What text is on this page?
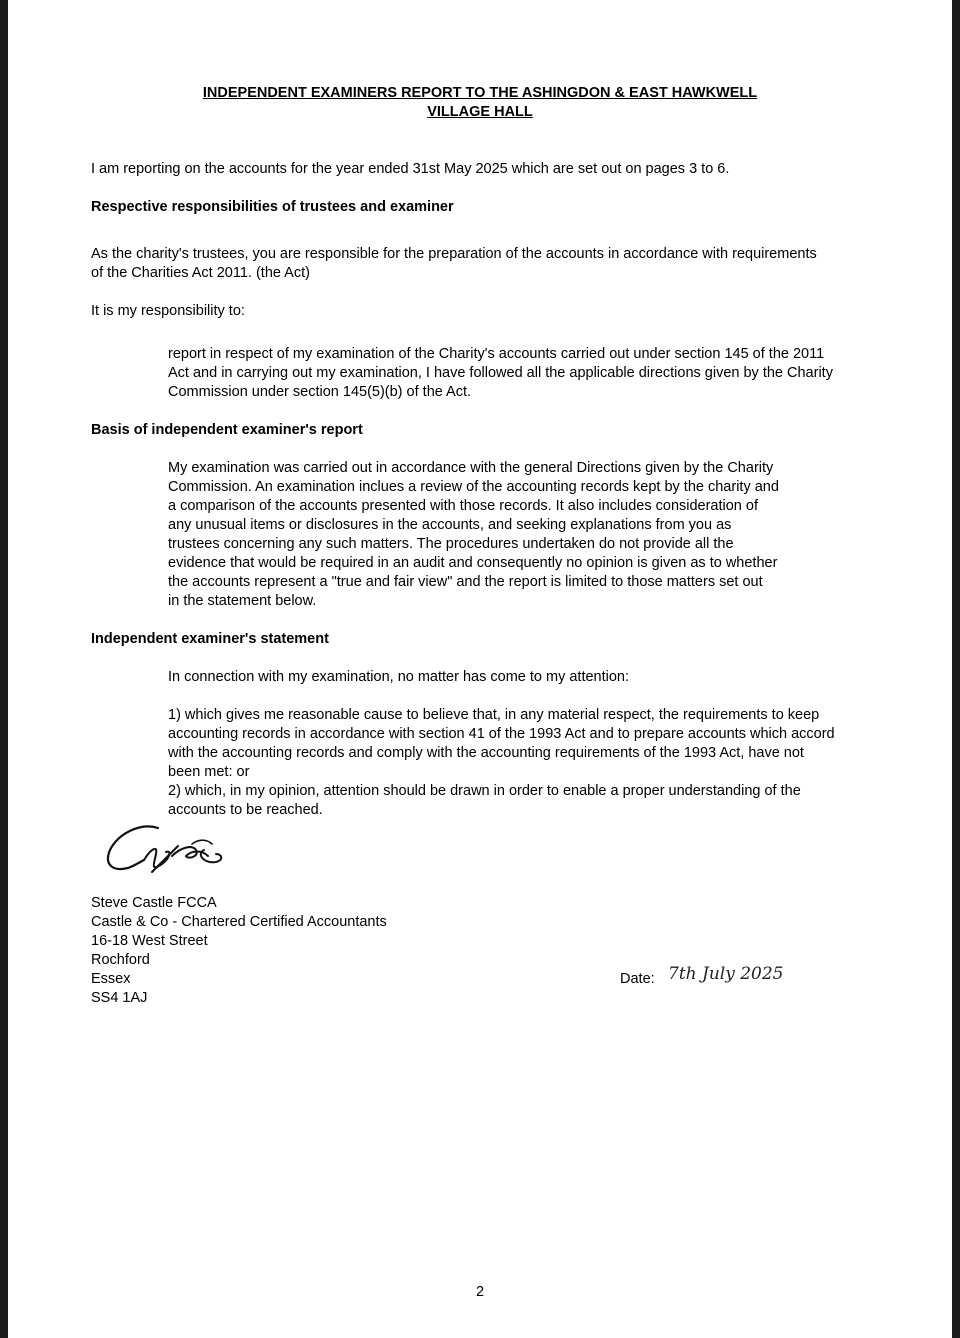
INDEPENDENT EXAMINERS REPORT TO THE ASHINGDON & EAST HAWKWELL
VILLAGE HALL

I am reporting on the accounts for the year ended 31st May 2025 which are set out on pages 3 to 6.

Respective responsibilities of trustees and examiner

As the charity's trustees, you are responsible for the preparation of the accounts in accordance with requirements

of the Charities Act 2011. (the Act)

It is my responsibility to:

report in respect of my examination of the Charity's accounts carried out under section 145 of the 2011

Act and in carrying out my examination, I have followed all the applicable directions given by the Charity

Commission under section 145(5)(b) of the Act.

Basis of independent examiner's report

My examination was carried out in accordance with the general Directions given by the Charity

Commission. An examination inclues a review of the accounting records kept by the charity and

a comparison of the accounts presented with those records. It also includes consideration of

any unusual items or disclosures in the accounts, and seeking explanations from you as

trustees concerning any such matters. The procedures undertaken do not provide all the

evidence that would be required in an audit and consequently no opinion is given as to whether

the accounts represent a "true and fair view" and the report is limited to those matters set out

in the statement below.

Independent examiner's statement

In connection with my examination, no matter has come to my attention:

1) which gives me reasonable cause to believe that, in any material respect, the requirements to keep

accounting records in accordance with section 41 of the 1993 Act and to prepare accounts which accord

with the accounting records and comply with the accounting requirements of the 1993 Act, have not

been met: or

2) which, in my opinion, attention should be drawn in order to enable a proper understanding of the

accounts to be reached.

Steve Castle FCCA

Castle & Co - Chartered Certified Accountants

16-18 West Street

Rochford

Essex

SS4 1AJ

Date: 7th July 2025
2
